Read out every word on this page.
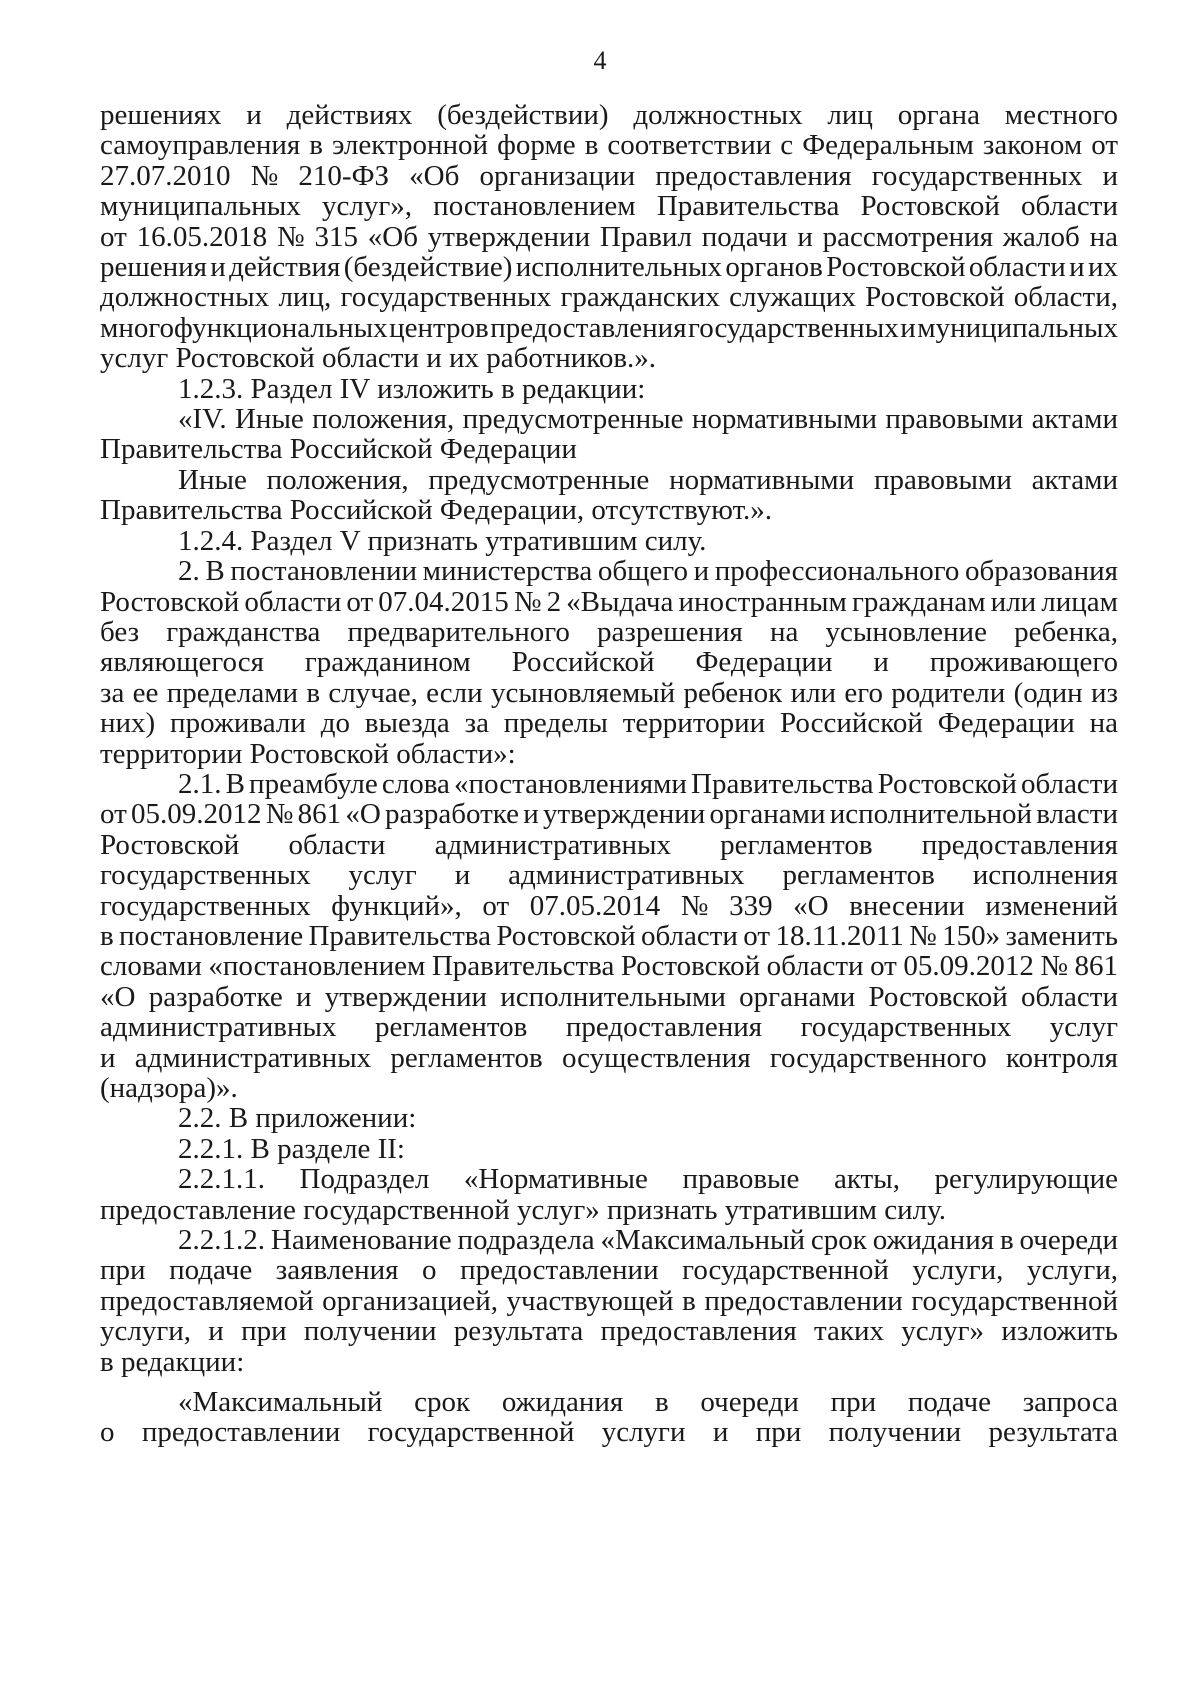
4
решениях и действиях (бездействии) должностных лиц органа местного
самоуправления в электронной форме в соответствии с Федеральным законом от
27.07.2010 № 210-ФЗ «Об организации предоставления государственных и
муниципальных услуг», постановлением Правительства Ростовской области
от 16.05.2018 № 315 «Об утверждении Правил подачи и рассмотрения жалоб на
решения и действия (бездействие) исполнительных органов Ростовской области и их
должностных лиц, государственных гражданских служащих Ростовской области,
многофункциональных центров предоставления государственных и муниципальных
услуг Ростовской области и их работников.».
1.2.3. Раздел IV изложить в редакции:
«IV. Иные положения, предусмотренные нормативными правовыми актами
Правительства Российской Федерации
Иные положения, предусмотренные нормативными правовыми актами
Правительства Российской Федерации, отсутствуют.».
1.2.4. Раздел V признать утратившим силу.
2. В постановлении министерства общего и профессионального образования
Ростовской области от 07.04.2015 № 2 «Выдача иностранным гражданам или лицам
без гражданства предварительного разрешения на усыновление ребенка,
являющегося гражданином Российской Федерации и проживающего
за ее пределами в случае, если усыновляемый ребенок или его родители (один из
них) проживали до выезда за пределы территории Российской Федерации на
территории Ростовской области»:
2.1. В преамбуле слова «постановлениями Правительства Ростовской области
от 05.09.2012 № 861 «О разработке и утверждении органами исполнительной власти
Ростовской области административных регламентов предоставления
государственных услуг и административных регламентов исполнения
государственных функций», от 07.05.2014 № 339 «О внесении изменений
в постановление Правительства Ростовской области от 18.11.2011 № 150» заменить
словами «постановлением Правительства Ростовской области от 05.09.2012 № 861
«О разработке и утверждении исполнительными органами Ростовской области
административных регламентов предоставления государственных услуг
и административных регламентов осуществления государственного контроля
(надзора)».
2.2. В приложении:
2.2.1. В разделе II:
2.2.1.1. Подраздел «Нормативные правовые акты, регулирующие
предоставление государственной услуг» признать утратившим силу.
2.2.1.2. Наименование подраздела «Максимальный срок ожидания в очереди
при подаче заявления о предоставлении государственной услуги, услуги,
предоставляемой организацией, участвующей в предоставлении государственной
услуги, и при получении результата предоставления таких услуг» изложить
в редакции:
«Максимальный срок ожидания в очереди при подаче запроса
о предоставлении государственной услуги и при получении результата
